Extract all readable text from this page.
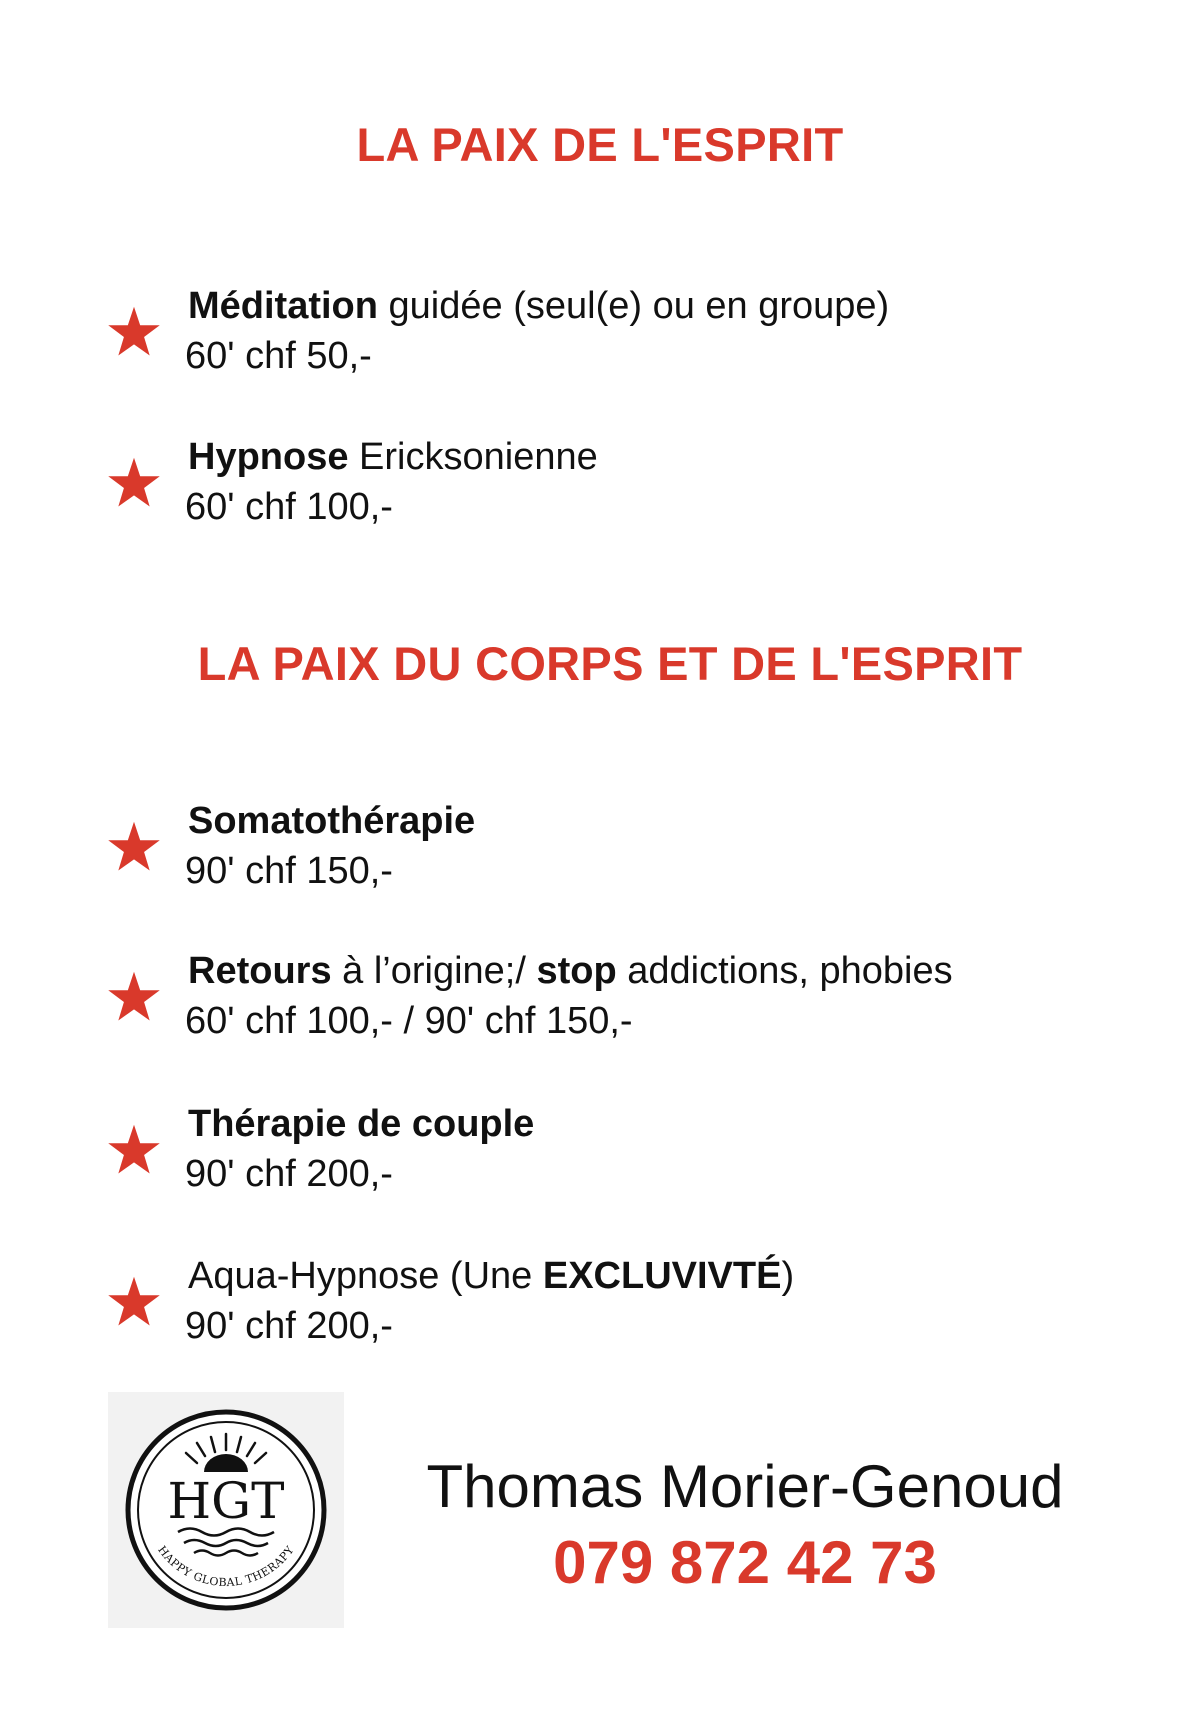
LA PAIX DE L'ESPRIT
Méditation guidée (seul(e) ou en groupe)
60' chf 50,-
Hypnose Ericksonienne
60' chf 100,-
LA PAIX DU CORPS ET DE L'ESPRIT
Somatothérapie
90' chf 150,-
Retours à l’origine;/ stop addictions, phobies
60' chf 100,- / 90' chf 150,-
Thérapie de couple
90' chf 200,-
Aqua-Hypnose (Une EXCLUVIVTÉ)
90' chf 200,-
HGT
HAPPY GLOBAL THERAPY
Thomas Morier-Genoud
079 872 42 73
